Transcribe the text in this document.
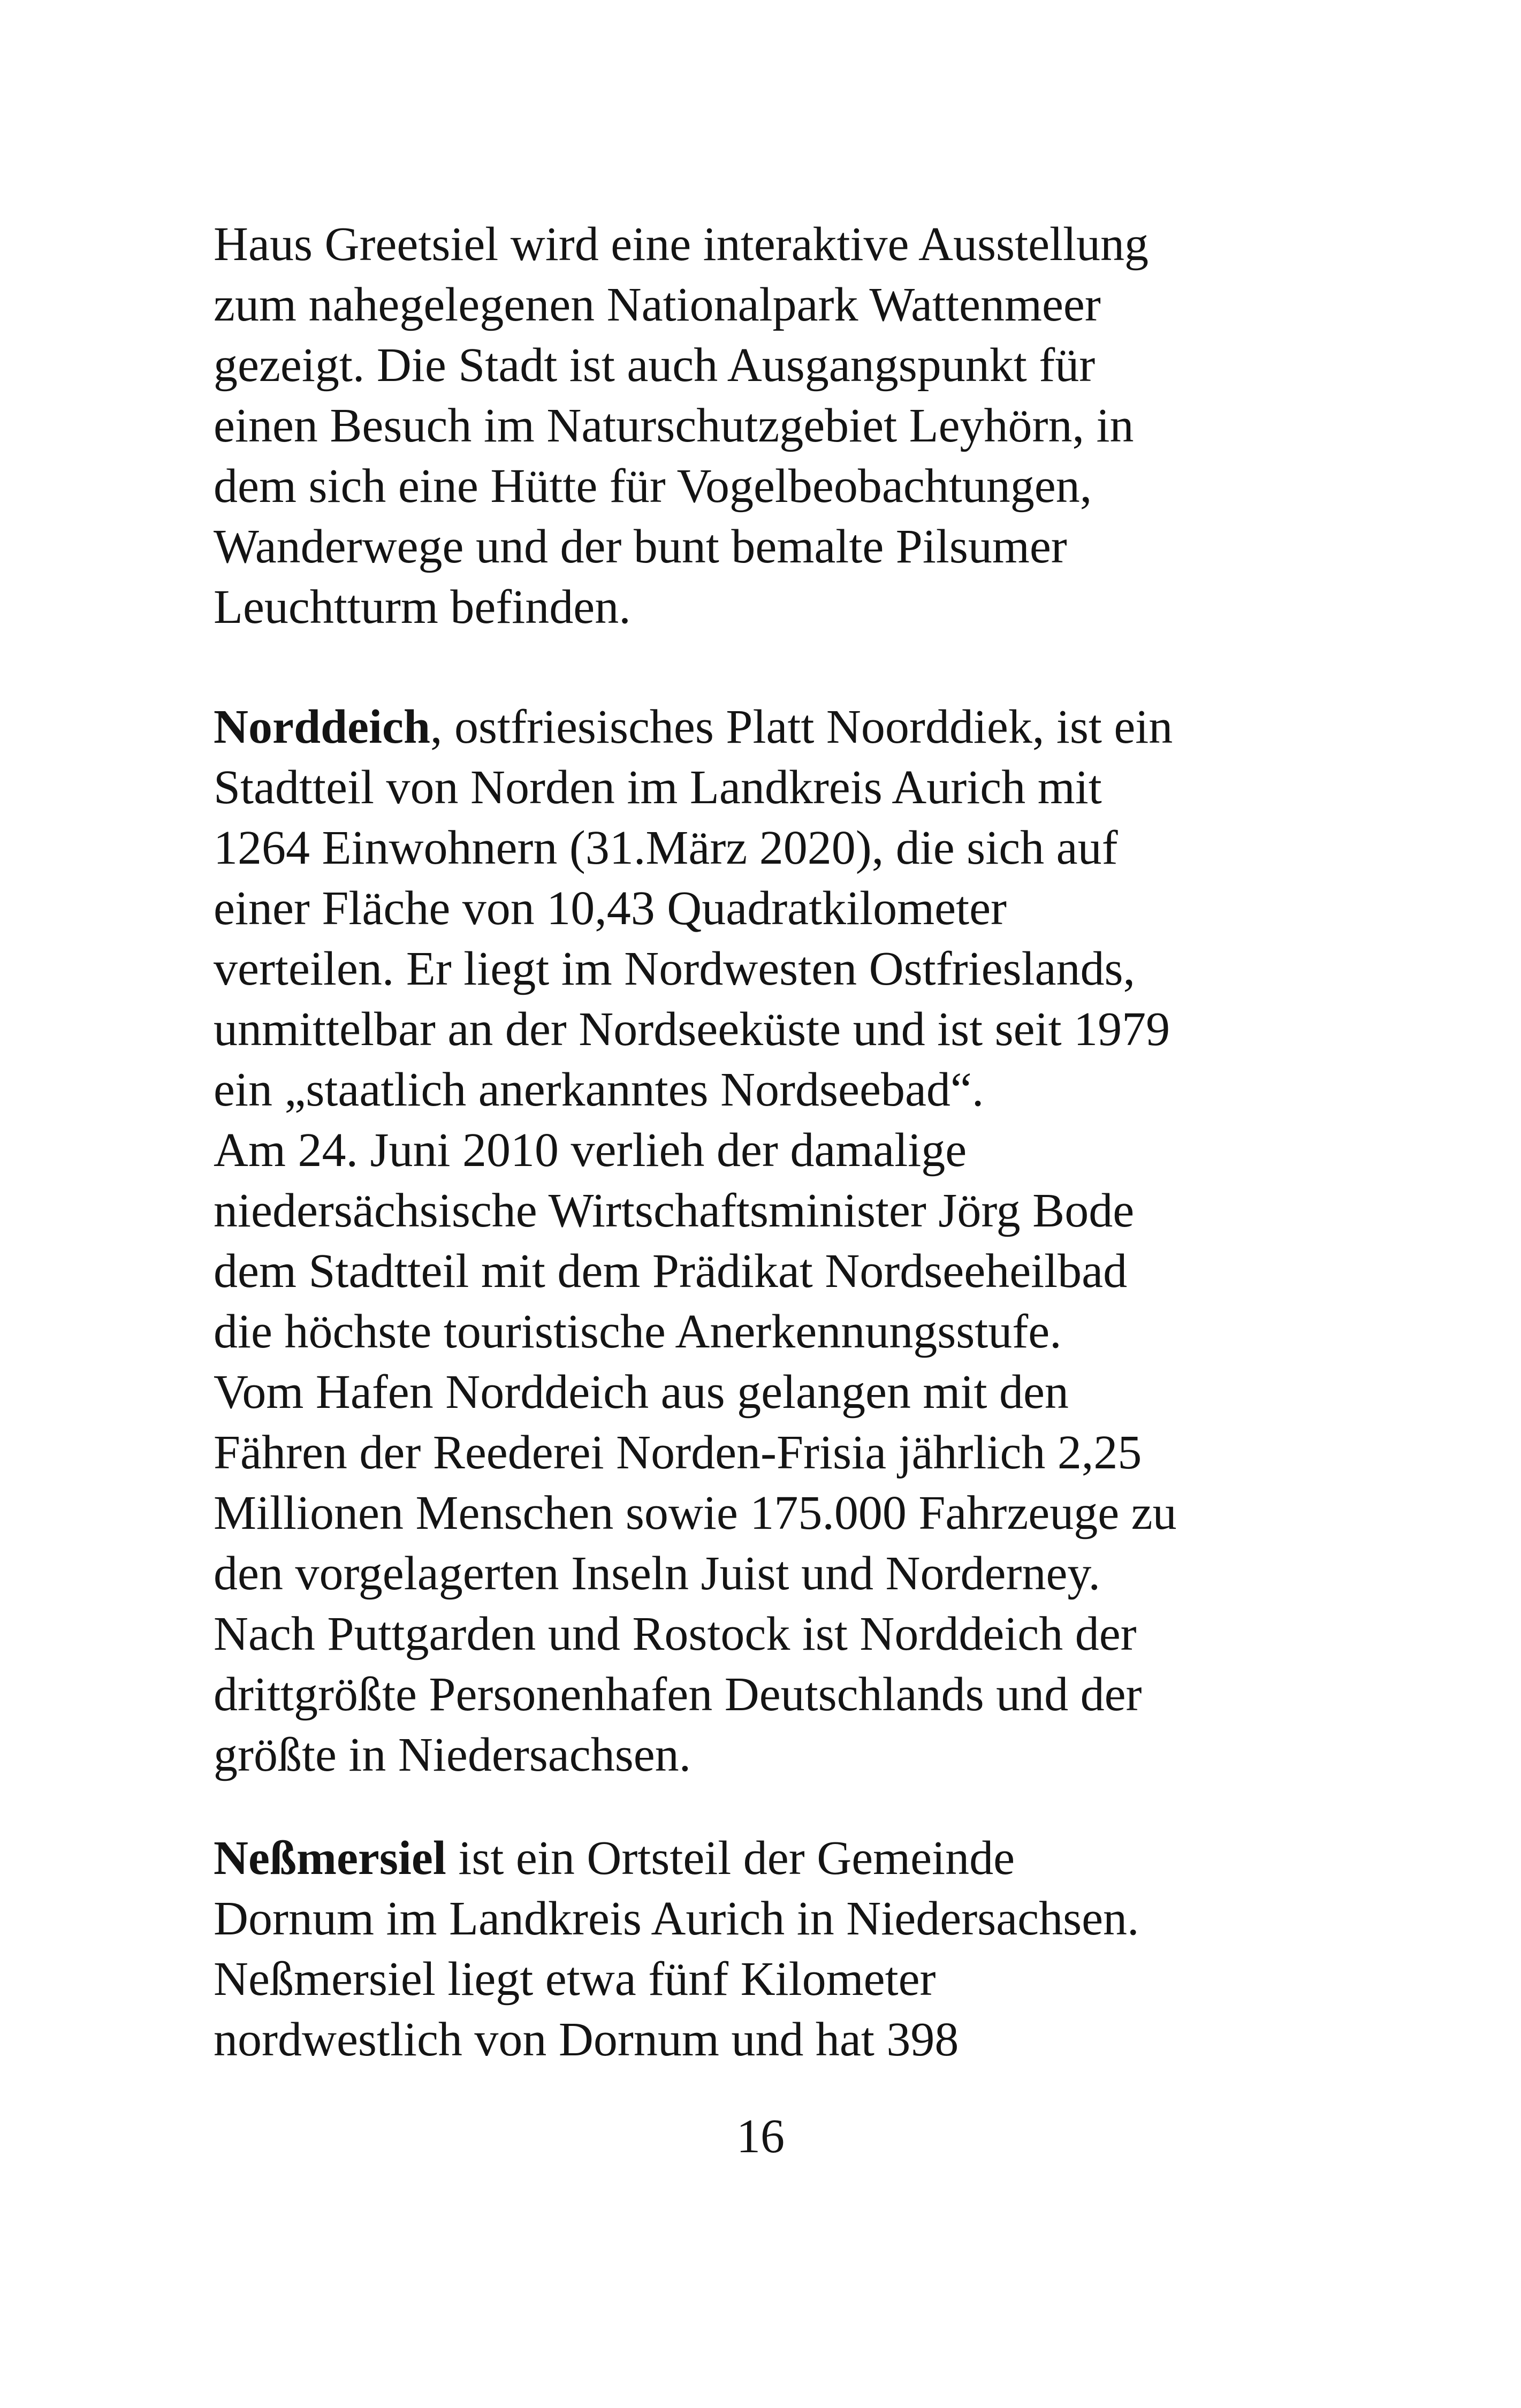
Haus Greetsiel wird eine interaktive Ausstellung
zum nahegelegenen Nationalpark Wattenmeer
gezeigt. Die Stadt ist auch Ausgangspunkt für
einen Besuch im Naturschutzgebiet Leyhörn, in
dem sich eine Hütte für Vogelbeobachtungen,
Wanderwege und der bunt bemalte Pilsumer
Leuchtturm befinden.
Norddeich, ostfriesisches Platt Noorddiek, ist ein
Stadtteil von Norden im Landkreis Aurich mit
1264 Einwohnern (31.März 2020), die sich auf
einer Fläche von 10,43 Quadratkilometer
verteilen. Er liegt im Nordwesten Ostfrieslands,
unmittelbar an der Nordseeküste und ist seit 1979
ein „staatlich anerkanntes Nordseebad“.
Am 24. Juni 2010 verlieh der damalige
niedersächsische Wirtschaftsminister Jörg Bode
dem Stadtteil mit dem Prädikat Nordseeheilbad
die höchste touristische Anerkennungsstufe.
Vom Hafen Norddeich aus gelangen mit den
Fähren der Reederei Norden-Frisia jährlich 2,25
Millionen Menschen sowie 175.000 Fahrzeuge zu
den vorgelagerten Inseln Juist und Norderney.
Nach Puttgarden und Rostock ist Norddeich der
drittgrößte Personenhafen Deutschlands und der
größte in Niedersachsen.
Neßmersiel ist ein Ortsteil der Gemeinde
Dornum im Landkreis Aurich in Niedersachsen.
Neßmersiel liegt etwa fünf Kilometer
nordwestlich von Dornum und hat 398
16
